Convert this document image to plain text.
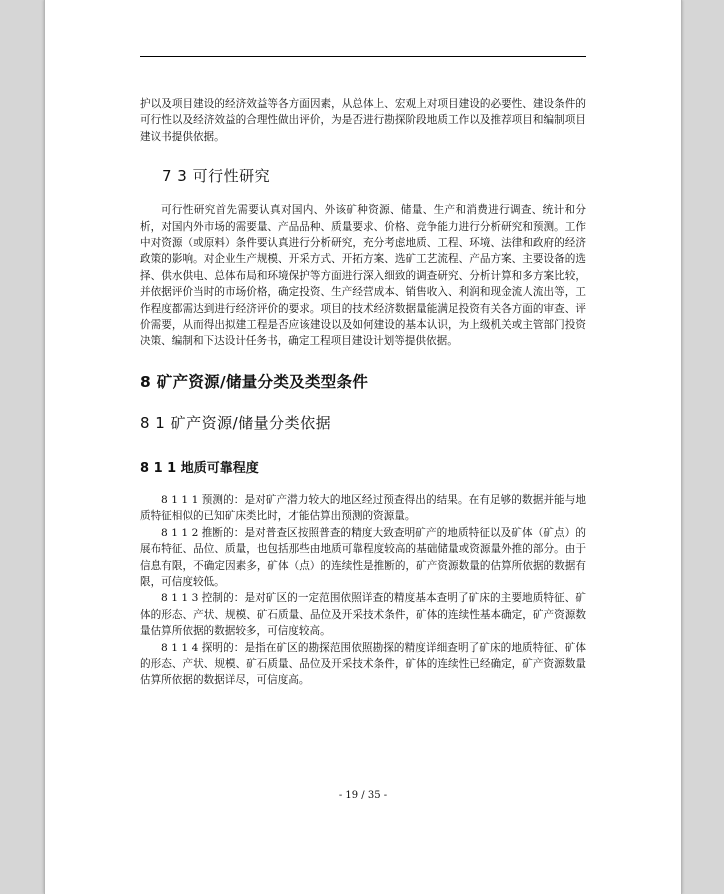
护以及项目建设的经济效益等各方面因素，从总体上、宏观上对项目建设的必要性、建设条件的可行性以及经济效益的合理性做出评价，为是否进行勘探阶段地质工作以及推荐项目和编制项目建议书提供依据。

7 3 可行性研究

可行性研究首先需要认真对国内、外该矿种资源、储量、生产和消费进行调查、统计和分析，对国内外市场的需要量、产品品种、质量要求、价格、竞争能力进行分析研究和预测。工作中对资源（或原料）条件要认真进行分析研究，充分考虑地质、工程、环境、法律和政府的经济政策的影响。对企业生产规模、开采方式、开拓方案、选矿工艺流程、产品方案、主要设备的选择、供水供电、总体布局和环境保护等方面进行深入细致的调查研究、分析计算和多方案比较，并依据评价当时的市场价格，确定投资、生产经营成本、销售收入、利润和现金流人流出等，工作程度都需达到进行经济评价的要求。项目的技术经济数据量能满足投资有关各方面的审查、评价需要，从而得出拟建工程是否应该建设以及如何建设的基本认识，为上级机关或主管部门投资决策、编制和下达设计任务书，确定工程项目建设计划等提供依据。

8 矿产资源/储量分类及类型条件
8 1 矿产资源/储量分类依据
8 1 1 地质可靠程度

8 1 1 1 预测的：是对矿产潜力较大的地区经过预查得出的结果。在有足够的数据并能与地质特征相似的已知矿床类比时，才能估算出预测的资源量。

8 1 1 2 推断的：是对普查区按照普查的精度大致查明矿产的地质特征以及矿体（矿点）的展布特征、品位、质量，也包括那些由地质可靠程度较高的基础储量或资源量外推的部分。由于信息有限，不确定因素多，矿体（点）的连续性是推断的，矿产资源数量的估算所依据的数据有限，可信度较低。

8 1 1 3 控制的：是对矿区的一定范围依照详查的精度基本查明了矿床的主要地质特征、矿体的形态、产状、规模、矿石质量、品位及开采技术条件，矿体的连续性基本确定，矿产资源数量估算所依据的数据较多，可信度较高。

8 1 1 4 探明的：是指在矿区的勘探范围依照勘探的精度详细查明了矿床的地质特征、矿体的形态、产状、规模、矿石质量、品位及开采技术条件，矿体的连续性已经确定，矿产资源数量估算所依据的数据详尽，可信度高。

- 19 / 35 -
